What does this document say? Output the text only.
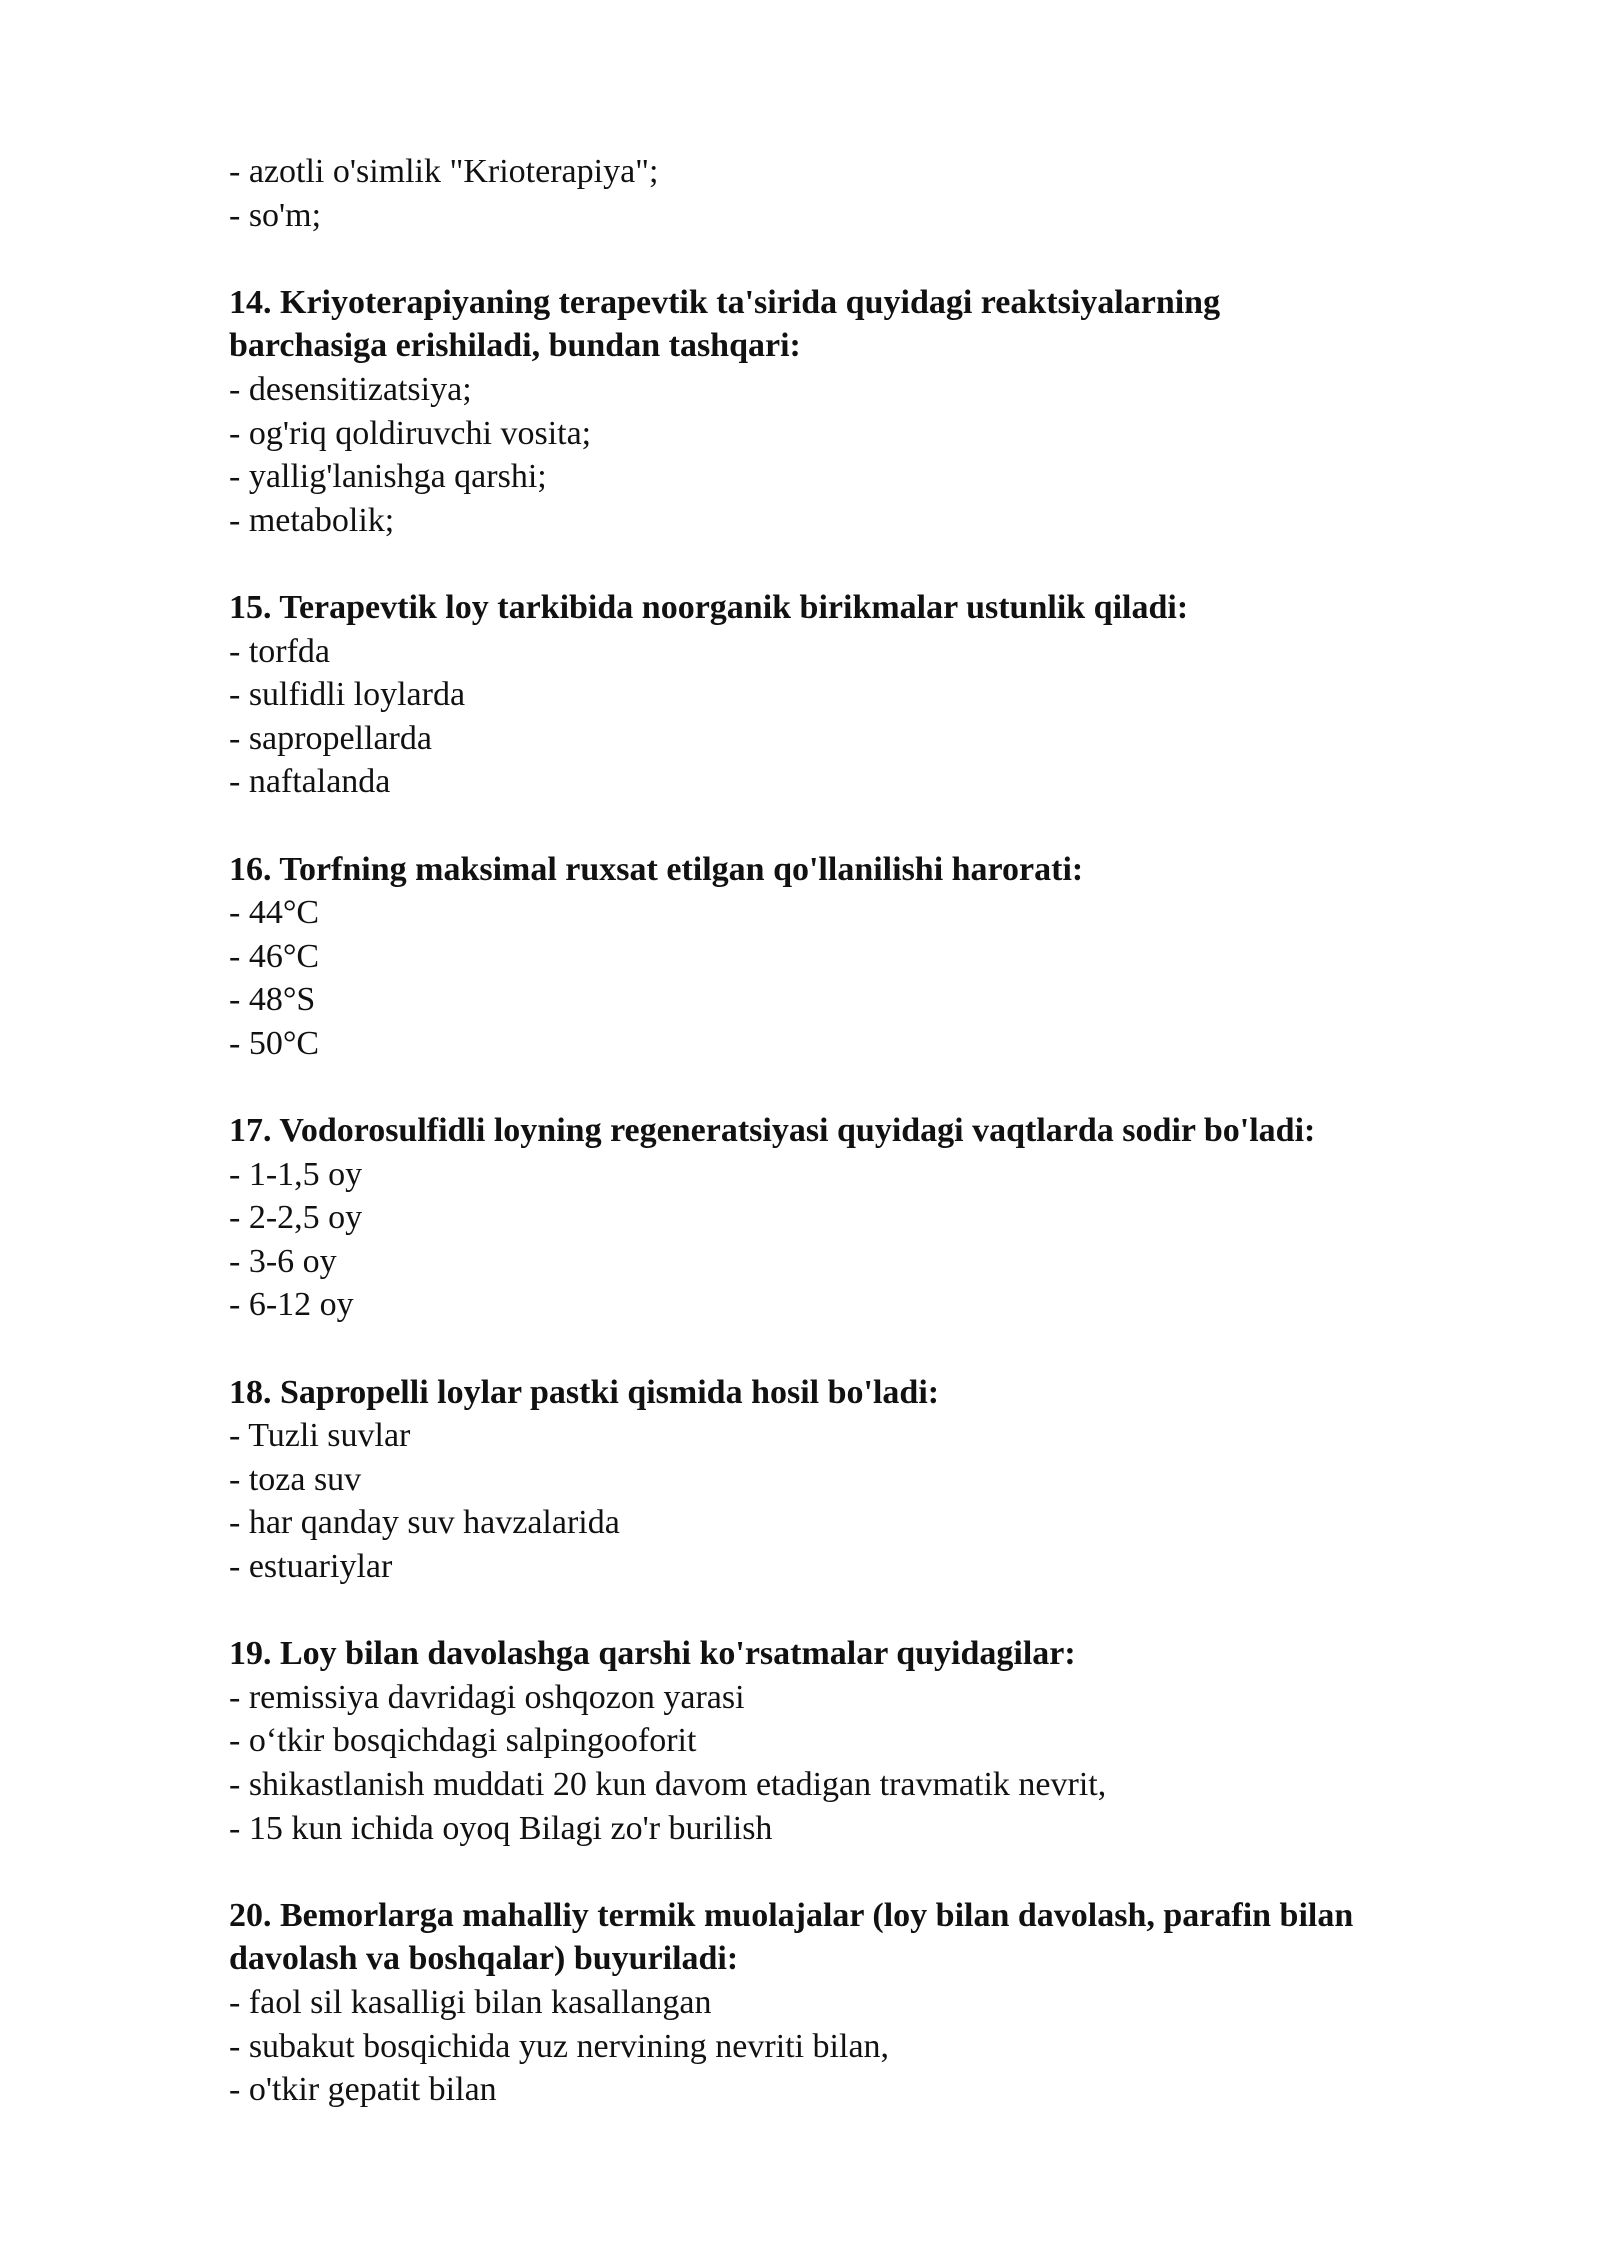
- azotli o'simlik "Krioterapiya";
- so'm;
14. Kriyoterapiyaning terapevtik ta'sirida quyidagi reaktsiyalarning
barchasiga erishiladi, bundan tashqari:
- desensitizatsiya;
- og'riq qoldiruvchi vosita;
- yallig'lanishga qarshi;
- metabolik;
15. Terapevtik loy tarkibida noorganik birikmalar ustunlik qiladi:
- torfda
- sulfidli loylarda
- sapropellarda
- naftalanda
16. Torfning maksimal ruxsat etilgan qo'llanilishi harorati:
- 44°C
- 46°C
- 48°S
- 50°C
17. Vodorosulfidli loyning regeneratsiyasi quyidagi vaqtlarda sodir bo'ladi:
- 1-1,5 oy
- 2-2,5 oy
- 3-6 oy
- 6-12 oy
18. Sapropelli loylar pastki qismida hosil bo'ladi:
- Tuzli suvlar
- toza suv
- har qanday suv havzalarida
- estuariylar
19. Loy bilan davolashga qarshi ko'rsatmalar quyidagilar:
- remissiya davridagi oshqozon yarasi
- o‘tkir bosqichdagi salpingooforit
- shikastlanish muddati 20 kun davom etadigan travmatik nevrit,
- 15 kun ichida oyoq Bilagi zo'r burilish
20. Bemorlarga mahalliy termik muolajalar (loy bilan davolash, parafin bilan
davolash va boshqalar) buyuriladi:
- faol sil kasalligi bilan kasallangan
- subakut bosqichida yuz nervining nevriti bilan,
- o'tkir gepatit bilan
